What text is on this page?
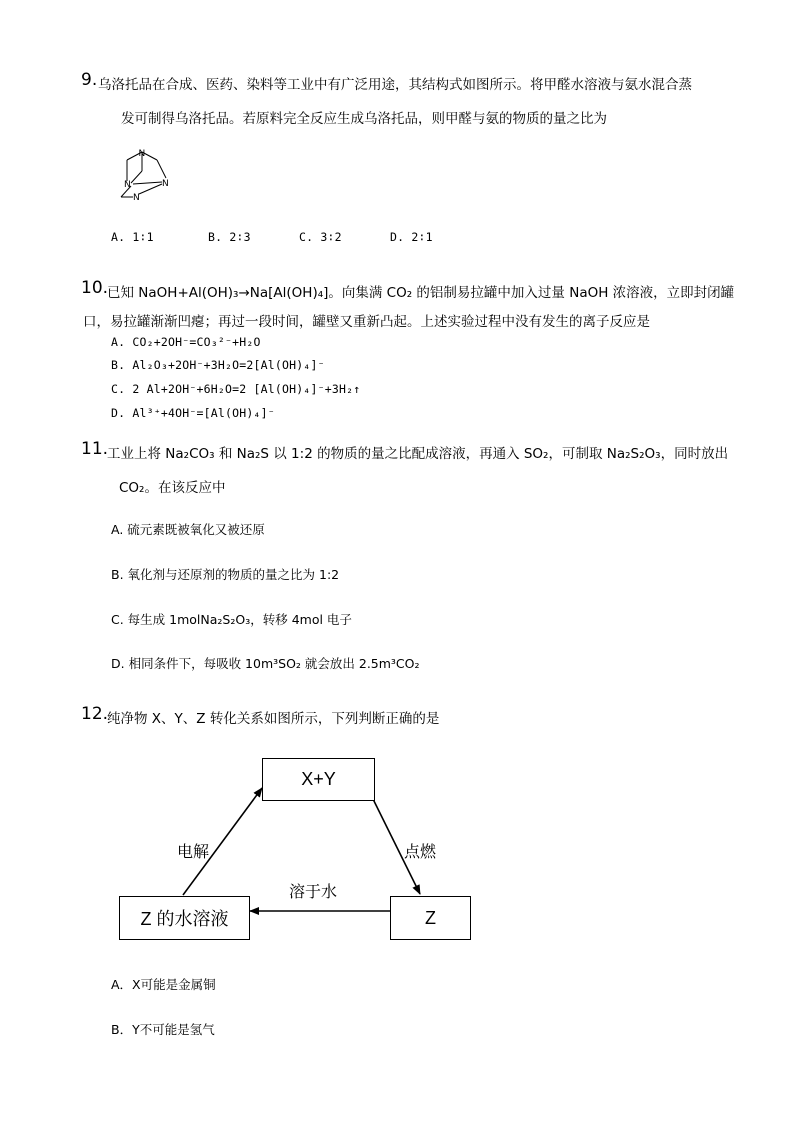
9. 乌洛托品在合成、医药、染料等工业中有广泛用途，其结构式如图所示。将甲醛水溶液与氨水混合蒸
发可制得乌洛托品。若原料完全反应生成乌洛托品，则甲醛与氨的物质的量之比为
N
N	N
N
A. 1∶1	B. 2∶3	C. 3∶2	D. 2∶1
10.
已知 NaOH+Al(OH)₃→Na[Al(OH)₄]。向集满 CO₂ 的铝制易拉罐中加入过量 NaOH 浓溶液，立即封闭罐
口，易拉罐渐渐凹瘪；再过一段时间，罐壁又重新凸起。上述实验过程中没有发生的离子反应是
A. CO₂+2OH⁻=CO₃²⁻+H₂O
B. Al₂O₃+2OH⁻+3H₂O=2[Al(OH)₄]⁻
C. 2 Al+2OH⁻+6H₂O=2 [Al(OH)₄]⁻+3H₂↑
D. Al³⁺+4OH⁻=[Al(OH)₄]⁻
11.
工业上将 Na₂CO₃ 和 Na₂S 以 1:2 的物质的量之比配成溶液，再通入 SO₂，可制取 Na₂S₂O₃，同时放出
CO₂。在该反应中
A. 硫元素既被氧化又被还原
B. 氧化剂与还原剂的物质的量之比为 1:2
C. 每生成 1molNa₂S₂O₃，转移 4mol 电子
D. 相同条件下，每吸收 10m³SO₂ 就会放出 2.5m³CO₂
12.
纯净物 X、Y、Z 转化关系如图所示，下列判断正确的是
X+Y
Z
Z 的水溶液
电解	点燃
溶于水
A．X可能是金属铜
B．Y不可能是氢气
